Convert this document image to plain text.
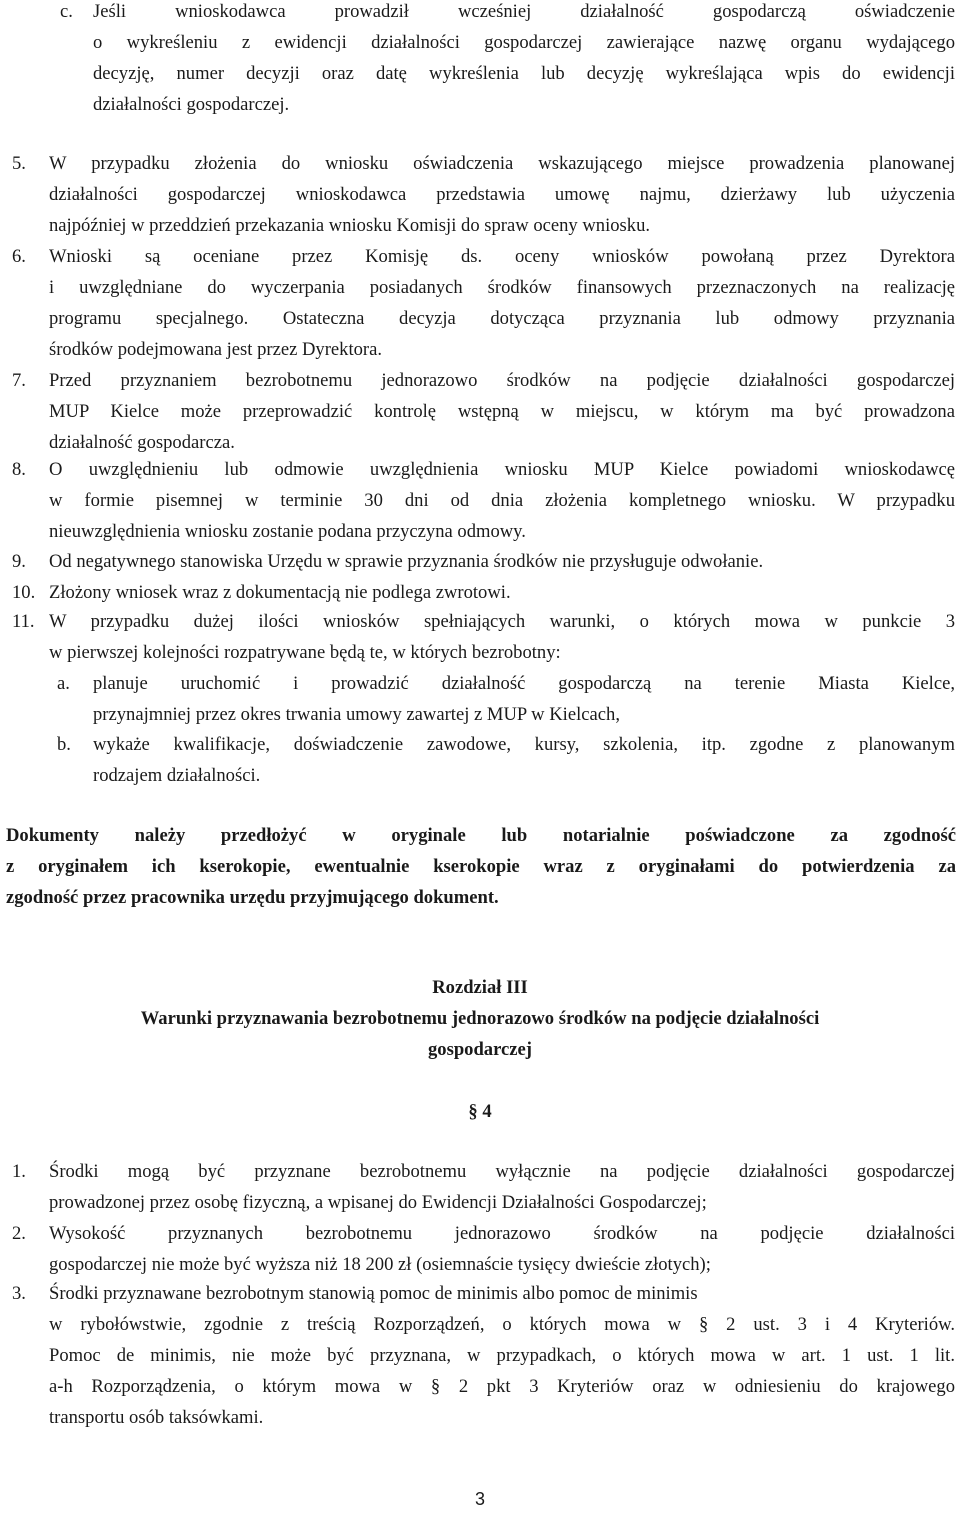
c. Jeśli wnioskodawca prowadził wcześniej działalność gospodarczą oświadczenie

o wykreśleniu z ewidencji działalności gospodarczej zawierające nazwę organu wydającego

decyzję, numer decyzji oraz datę wykreślenia lub decyzję wykreślająca wpis do ewidencji

działalności gospodarczej.

5. W przypadku złożenia do wniosku oświadczenia wskazującego miejsce prowadzenia planowanej

działalności gospodarczej wnioskodawca przedstawia umowę najmu, dzierżawy lub użyczenia

najpóźniej w przeddzień przekazania wniosku Komisji do spraw oceny wniosku.

6. Wnioski są oceniane przez Komisję ds. oceny wniosków powołaną przez Dyrektora

i uwzględniane do wyczerpania posiadanych środków finansowych przeznaczonych na realizację

programu specjalnego. Ostateczna decyzja dotycząca przyznania lub odmowy przyznania

środków podejmowana jest przez Dyrektora.

7. Przed przyznaniem bezrobotnemu jednorazowo środków na podjęcie działalności gospodarczej

MUP Kielce może przeprowadzić kontrolę wstępną w miejscu, w którym ma być prowadzona

działalność gospodarcza.

8. O uwzględnieniu lub odmowie uwzględnienia wniosku MUP Kielce powiadomi wnioskodawcę

w formie pisemnej w terminie 30 dni od dnia złożenia kompletnego wniosku. W przypadku

nieuwzględnienia wniosku zostanie podana przyczyna odmowy.

9. Od negatywnego stanowiska Urzędu w sprawie przyznania środków nie przysługuje odwołanie.

10. Złożony wniosek wraz z dokumentacją nie podlega zwrotowi.

11. W przypadku dużej ilości wniosków spełniających warunki, o których mowa w punkcie 3

w pierwszej kolejności rozpatrywane będą te, w których bezrobotny:

a. planuje uruchomić i prowadzić działalność gospodarczą na terenie Miasta Kielce,

przynajmniej przez okres trwania umowy zawartej z MUP w Kielcach,

b. wykaże kwalifikacje, doświadczenie zawodowe, kursy, szkolenia, itp. zgodne z planowanym

rodzajem działalności.

Dokumenty należy przedłożyć w oryginale lub notarialnie poświadczone za zgodność

z oryginałem ich kserokopie, ewentualnie kserokopie wraz z oryginałami do potwierdzenia za

zgodność przez pracownika urzędu przyjmującego dokument.

Rozdział III

Warunki przyznawania bezrobotnemu jednorazowo środków na podjęcie działalności

gospodarczej

§ 4
1. Środki mogą być przyznane bezrobotnemu wyłącznie na podjęcie działalności gospodarczej

prowadzonej przez osobę fizyczną, a wpisanej do Ewidencji Działalności Gospodarczej;

2. Wysokość przyznanych bezrobotnemu jednorazowo środków na podjęcie działalności

gospodarczej nie może być wyższa niż 18 200 zł (osiemnaście tysięcy dwieście złotych);

3. Środki przyznawane bezrobotnym stanowią pomoc de minimis albo pomoc de minimis

w rybołówstwie, zgodnie z treścią Rozporządzeń, o których mowa w § 2 ust. 3 i 4 Kryteriów.

Pomoc de minimis, nie może być przyznana, w przypadkach, o których mowa w art. 1 ust. 1 lit.

a-h Rozporządzenia, o którym mowa w § 2 pkt 3 Kryteriów oraz w odniesieniu do krajowego

transportu osób taksówkami.

3
